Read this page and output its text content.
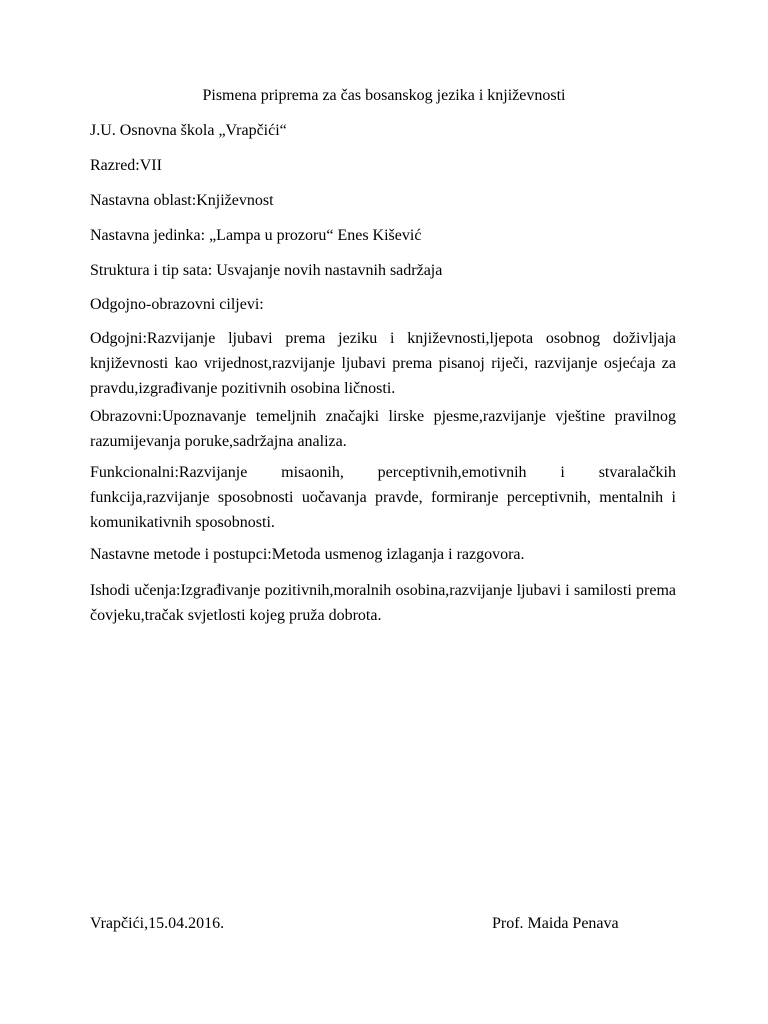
Pismena priprema za čas bosanskog jezika i književnosti

J.U. Osnovna škola „Vrapčići“

Razred:VII

Nastavna oblast:Književnost

Nastavna jedinka: „Lampa u prozoru“ Enes Kišević

Struktura i tip sata: Usvajanje novih nastavnih sadržaja

Odgojno-obrazovni ciljevi:

Odgojni:Razvijanje ljubavi prema jeziku i književnosti,ljepota osobnog doživljaja književnosti kao vrijednost,razvijanje ljubavi prema pisanoj riječi, razvijanje osjećaja za pravdu,izgrađivanje pozitivnih osobina ličnosti.

Obrazovni:Upoznavanje temeljnih značajki lirske pjesme,razvijanje vještine pravilnog razumijevanja poruke,sadržajna analiza.

Funkcionalni:Razvijanje misaonih, perceptivnih,emotivnih i stvaralačkih funkcija,razvijanje sposobnosti uočavanja pravde, formiranje perceptivnih, mentalnih i komunikativnih sposobnosti.

Nastavne metode i postupci:Metoda usmenog izlaganja i razgovora.

Ishodi učenja:Izgrađivanje pozitivnih,moralnih osobina,razvijanje ljubavi i samilosti prema čovjeku,tračak svjetlosti kojeg pruža dobrota.

Vrapčići,15.04.2016.	Prof. Maida Penava
